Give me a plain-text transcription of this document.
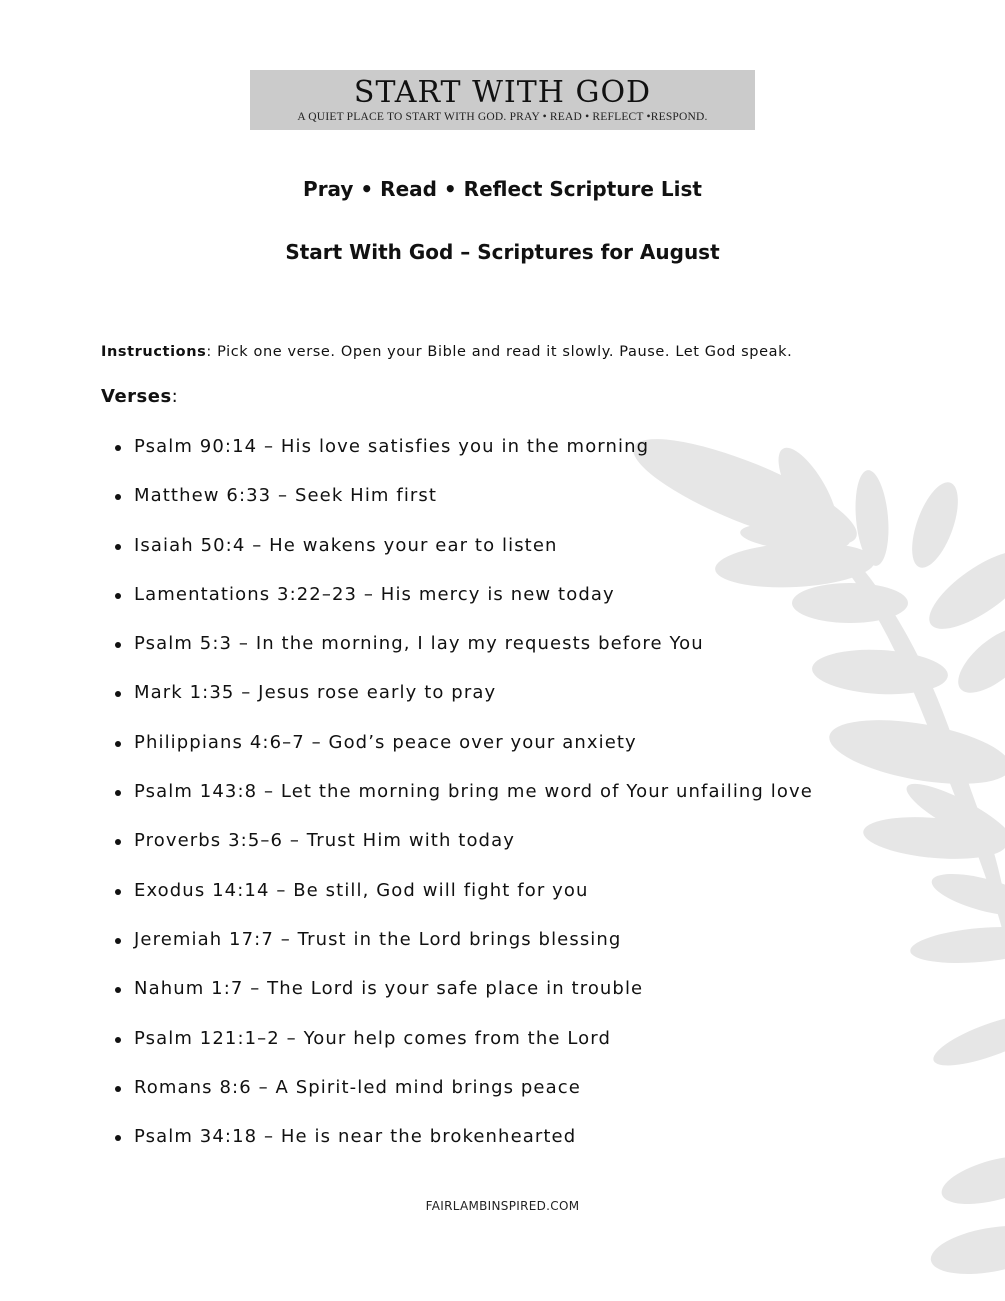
START WITH GOD
A QUIET PLACE TO START WITH GOD. PRAY • READ • REFLECT •RESPOND.
Pray • Read • Reflect Scripture List
Start With God – Scriptures for August
Instructions: Pick one verse. Open your Bible and read it slowly. Pause. Let God speak.
Verses:
Psalm 90:14 – His love satisfies you in the morning
Matthew 6:33 – Seek Him first
Isaiah 50:4 – He wakens your ear to listen
Lamentations 3:22–23 – His mercy is new today
Psalm 5:3 – In the morning, I lay my requests before You
Mark 1:35 – Jesus rose early to pray
Philippians 4:6–7 – God’s peace over your anxiety
Psalm 143:8 – Let the morning bring me word of Your unfailing love
Proverbs 3:5–6 – Trust Him with today
Exodus 14:14 – Be still, God will fight for you
Jeremiah 17:7 – Trust in the Lord brings blessing
Nahum 1:7 – The Lord is your safe place in trouble
Psalm 121:1–2 – Your help comes from the Lord
Romans 8:6 – A Spirit-led mind brings peace
Psalm 34:18 – He is near the brokenhearted
FAIRLAMBINSPIRED.COM
